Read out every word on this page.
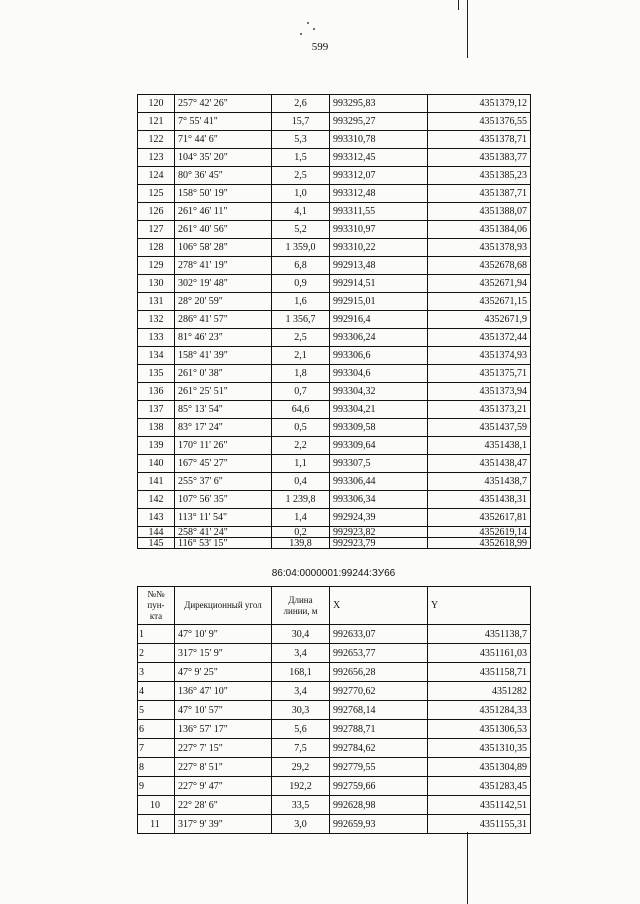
599
120	257° 42' 26"	2,6	993295,83	4351379,12
121	7° 55' 41"	15,7	993295,27	4351376,55
122	71° 44' 6"	5,3	993310,78	4351378,71
123	104° 35' 20"	1,5	993312,45	4351383,77
124	80° 36' 45"	2,5	993312,07	4351385,23
125	158° 50' 19"	1,0	993312,48	4351387,71
126	261° 46' 11"	4,1	993311,55	4351388,07
127	261° 40' 56"	5,2	993310,97	4351384,06
128	106° 58' 28"	1 359,0	993310,22	4351378,93
129	278° 41' 19"	6,8	992913,48	4352678,68
130	302° 19' 48"	0,9	992914,51	4352671,94
131	28° 20' 59"	1,6	992915,01	4352671,15
132	286° 41' 57"	1 356,7	992916,4	4352671,9
133	81° 46' 23"	2,5	993306,24	4351372,44
134	158° 41' 39"	2,1	993306,6	4351374,93
135	261° 0' 38"	1,8	993304,6	4351375,71
136	261° 25' 51"	0,7	993304,32	4351373,94
137	85° 13' 54"	64,6	993304,21	4351373,21
138	83° 17' 24"	0,5	993309,58	4351437,59
139	170° 11' 26"	2,2	993309,64	4351438,1
140	167° 45' 27"	1,1	993307,5	4351438,47
141	255° 37' 6"	0,4	993306,44	4351438,7
142	107° 56' 35"	1 239,8	993306,34	4351438,31
143	113° 11' 54"	1,4	992924,39	4352617,81
144	258° 41' 24"	0,2	992923,82	4352619,14
145	116° 53' 15"	139,8	992923,79	4352618,99
86:04:0000001:99244:ЗУ66
№№
пун-
кта	Дирекционный угол	Длина
линии, м	X	Y
1	47° 10' 9"	30,4	992633,07	4351138,7
2	317° 15' 9"	3,4	992653,77	4351161,03
3	47° 9' 25"	168,1	992656,28	4351158,71
4	136° 47' 10"	3,4	992770,62	4351282
5	47° 10' 57"	30,3	992768,14	4351284,33
6	136° 57' 17"	5,6	992788,71	4351306,53
7	227° 7' 15"	7,5	992784,62	4351310,35
8	227° 8' 51"	29,2	992779,55	4351304,89
9	227° 9' 47"	192,2	992759,66	4351283,45
10	22° 28' 6"	33,5	992628,98	4351142,51
11	317° 9' 39"	3,0	992659,93	4351155,31
